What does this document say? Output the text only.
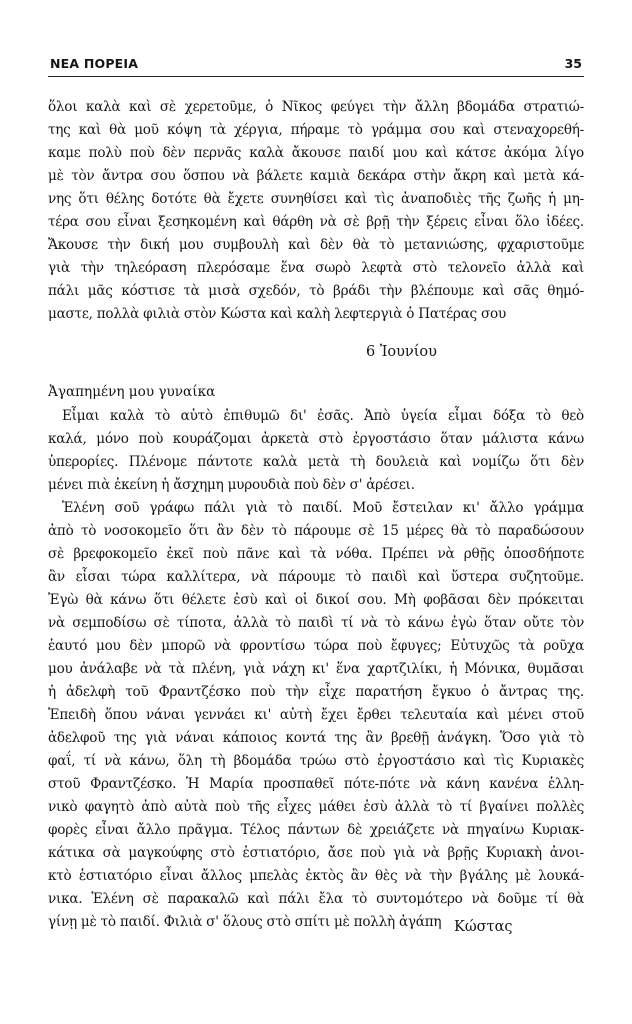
ΝΕΑ ΠΟΡΕΙΑ	35
ὅλοι καλὰ καὶ σὲ χερετοῦμε, ὁ Νῖκος φεύγει τὴν ἄλλη βδομάδα στρατιώ-
της καὶ θὰ μοῦ κόψη τὰ χέργια, πήραμε τὸ γράμμα σου καὶ στεναχορεθή-
καμε πολὺ ποὺ δὲν περνᾶς καλὰ ἄκουσε παιδί μου καὶ κάτσε ἀκόμα λίγο
μὲ τὸν ἄντρα σου ὅσπου νὰ βάλετε καμιὰ δεκάρα στὴν ἄκρη καὶ μετὰ κά-
νης ὅτι θέλης δοτότε θὰ ἔχετε συνηθίσει καὶ τὶς ἀναποδιὲς τῆς ζωῆς ἡ μη-
τέρα σου εἶναι ξεσηκομένη καὶ θάρθη νὰ σὲ βρῇ τὴν ξέρεις εἶναι ὅλο ἰδέες.
Ἄκουσε τὴν δική μου συμβουλὴ καὶ δὲν θὰ τὸ μετανιώσης, φχαριστοῦμε
γιὰ τὴν τηλεόραση πλερόσαμε ἕνα σωρὸ λεφτὰ στὸ τελονεῖο ἀλλὰ καὶ
πάλι μᾶς κόστισε τὰ μισὰ σχεδόν, τὸ βράδι τὴν βλέπουμε καὶ σᾶς θημό-
μαστε, πολλὰ φιλιὰ στὸν Κώστα καὶ καλὴ λεφτεργιὰ ὁ Πατέρας σου
6 Ἰουνίου
Ἀγαπημένη μου γυναίκα
Εἶμαι καλὰ τὸ αὐτὸ ἐπιθυμῶ δι' ἐσᾶς. Ἀπὸ ὑγεία εἶμαι δόξα τὸ θεὸ
καλά, μόνο ποὺ κουράζομαι ἀρκετὰ στὸ ἐργοστάσιο ὅταν μάλιστα κάνω
ὑπερορίες. Πλένομε πάντοτε καλὰ μετὰ τὴ δουλειὰ καὶ νομίζω ὅτι δὲν
μένει πιὰ ἐκείνη ἡ ἄσχημη μυρουδιὰ ποὺ δὲν σ' ἀρέσει.
Ἑλένη σοῦ γράφω πάλι γιὰ τὸ παιδί. Μοῦ ἔστειλαν κι' ἄλλο γράμμα
ἀπὸ τὸ νοσοκομεῖο ὅτι ἂν δὲν τὸ πάρουμε σὲ 15 μέρες θὰ τὸ παραδώσουν
σὲ βρεφοκομεῖο ἐκεῖ ποὺ πᾶνε καὶ τὰ νόθα. Πρέπει νὰ ρθῇς ὁποσδήποτε
ἂν εἶσαι τώρα καλλίτερα, νὰ πάρουμε τὸ παιδὶ καὶ ὕστερα συζητοῦμε.
Ἐγὼ θὰ κάνω ὅτι θέλετε ἐσὺ καὶ οἱ δικοί σου. Μὴ φοβᾶσαι δὲν πρόκειται
νὰ σεμποδίσω σὲ τίποτα, ἀλλὰ τὸ παιδὶ τί νὰ τὸ κάνω ἐγὼ ὅταν οὔτε τὸν
ἑαυτό μου δὲν μπορῶ νὰ φροντίσω τώρα ποὺ ἔφυγες; Εὐτυχῶς τὰ ροῦχα
μου ἀνάλαβε νὰ τὰ πλένη, γιὰ νάχη κι' ἕνα χαρτζιλίκι, ἡ Μόνικα, θυμᾶσαι
ἡ ἀδελφὴ τοῦ Φραντζέσκο ποὺ τὴν εἶχε παρατήση ἔγκυο ὁ ἄντρας της.
Ἐπειδὴ ὅπου νάναι γεννάει κι' αὐτὴ ἔχει ἔρθει τελευταία καὶ μένει στοῦ
ἀδελφοῦ της γιὰ νάναι κάποιος κοντά της ἂν βρεθῇ ἀνάγκη. Ὅσο γιὰ τὸ
φαΐ, τί νὰ κάνω, ὅλη τὴ βδομάδα τρώω στὸ ἐργοστάσιο καὶ τὶς Κυριακὲς
στοῦ Φραντζέσκο. Ἡ Μαρία προσπαθεῖ πότε-πότε νὰ κάνη κανένα ἑλλη-
νικὸ φαγητὸ ἀπὸ αὐτὰ ποὺ τῆς εἶχες μάθει ἐσὺ ἀλλὰ τὸ τί βγαίνει πολλὲς
φορὲς εἶναι ἄλλο πρᾶγμα. Τέλος πάντων δὲ χρειάζετε νὰ πηγαίνω Κυριακ-
κάτικα σὰ μαγκούφης στὸ ἑστιατόριο, ἄσε ποὺ γιὰ νὰ βρῇς Κυριακὴ ἀνοι-
κτὸ ἑστιατόριο εἶναι ἄλλος μπελὰς ἐκτὸς ἂν θὲς νὰ τὴν βγάλης μὲ λουκά-
νικα. Ἑλένη σὲ παρακαλῶ καὶ πάλι ἔλα τὸ συντομότερο νὰ δοῦμε τί θὰ
γίνῃ μὲ τὸ παιδί. Φιλιὰ σ' ὅλους στὸ σπίτι μὲ πολλὴ ἀγάπη Κώστας
